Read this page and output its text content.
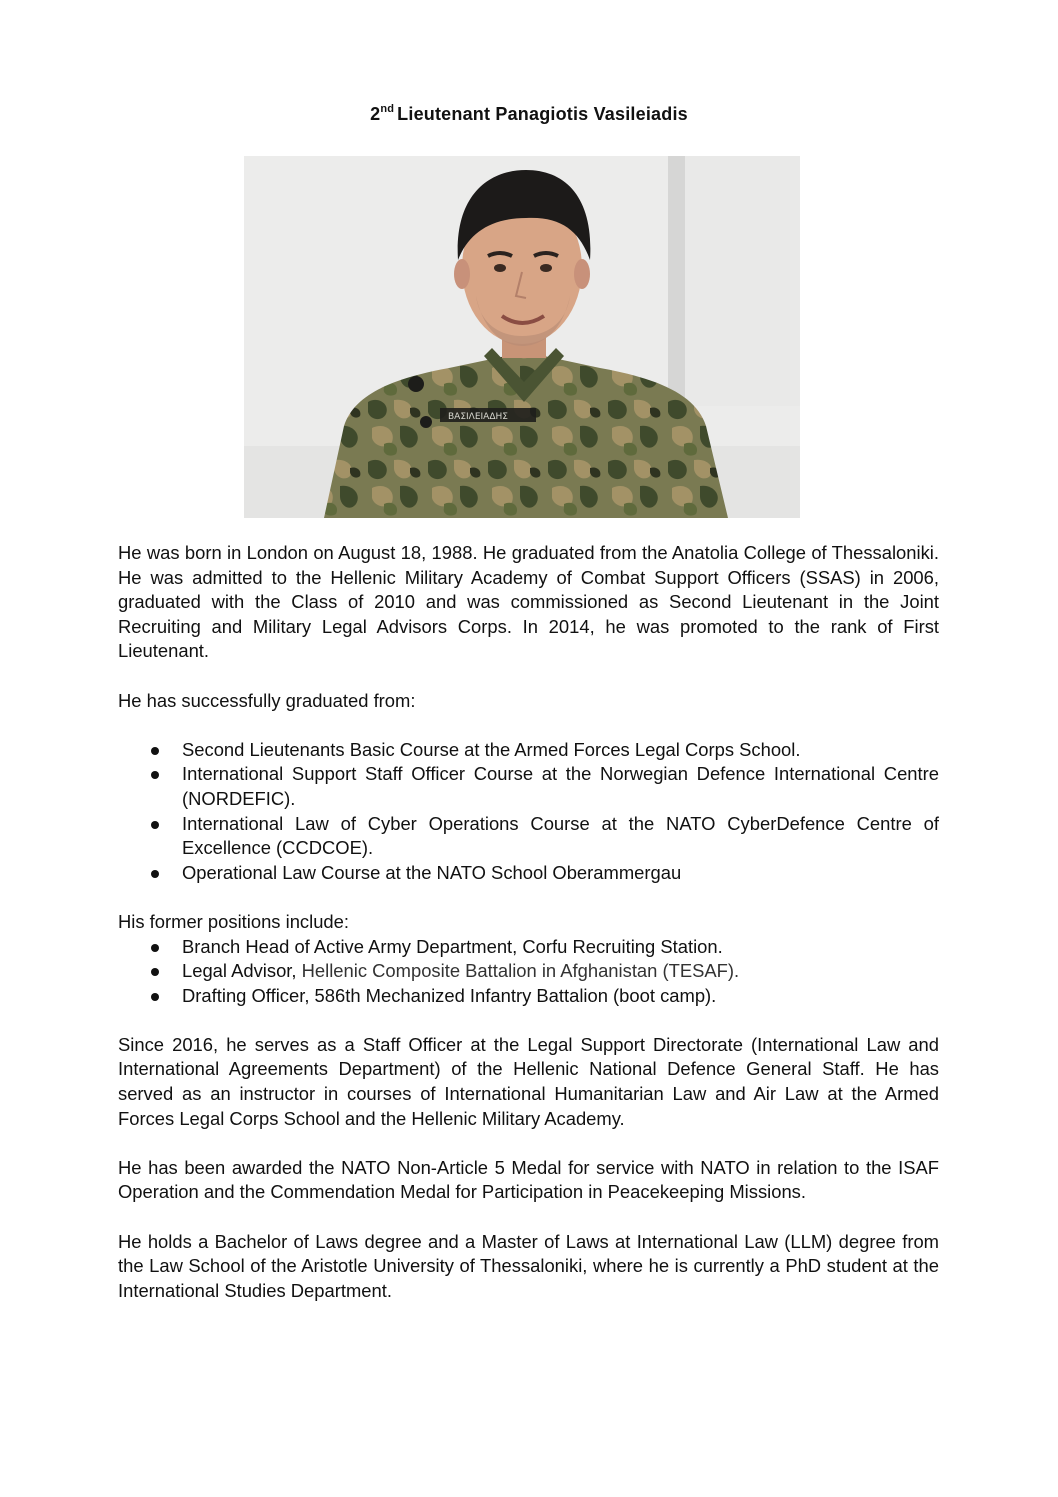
2nd Lieutenant Panagiotis Vasileiadis
ΒΑΣΙΛΕΙΑΔΗΣ

He was born in London on August 18, 1988. He graduated from the Anatolia College of Thessaloniki. He was admitted to the Hellenic Military Academy of Combat Support Officers (SSAS) in 2006, graduated with the Class of 2010 and was commissioned as Second Lieutenant in the Joint Recruiting and Military Legal Advisors Corps. In 2014, he was promoted to the rank of First Lieutenant.

He has successfully graduated from:

Second Lieutenants Basic Course at the Armed Forces Legal Corps School.
International Support Staff Officer Course at the Norwegian Defence International Centre (NORDEFIC).
International Law of Cyber Operations Course at the NATO CyberDefence Centre of Excellence (CCDCOE).
Operational Law Course at the NATO School Oberammergau

His former positions include:

Branch Head of Active Army Department, Corfu Recruiting Station.
Legal Advisor, Hellenic Composite Battalion in Afghanistan (TESAF).
Drafting Officer, 586th Mechanized Infantry Battalion (boot camp).

Since 2016, he serves as a Staff Officer at the Legal Support Directorate (International Law and International Agreements Department) of the Hellenic National Defence General Staff. He has served as an instructor in courses of International Humanitarian Law and Air Law at the Armed Forces Legal Corps School and the Hellenic Military Academy.

He has been awarded the NATO Non-Article 5 Medal for service with NATO in relation to the ISAF Operation and the Commendation Medal for Participation in Peacekeeping Missions.

He holds a Bachelor of Laws degree and a Master of Laws at International Law (LLM) degree from the Law School of the Aristotle University of Thessaloniki, where he is currently a PhD student at the International Studies Department.
